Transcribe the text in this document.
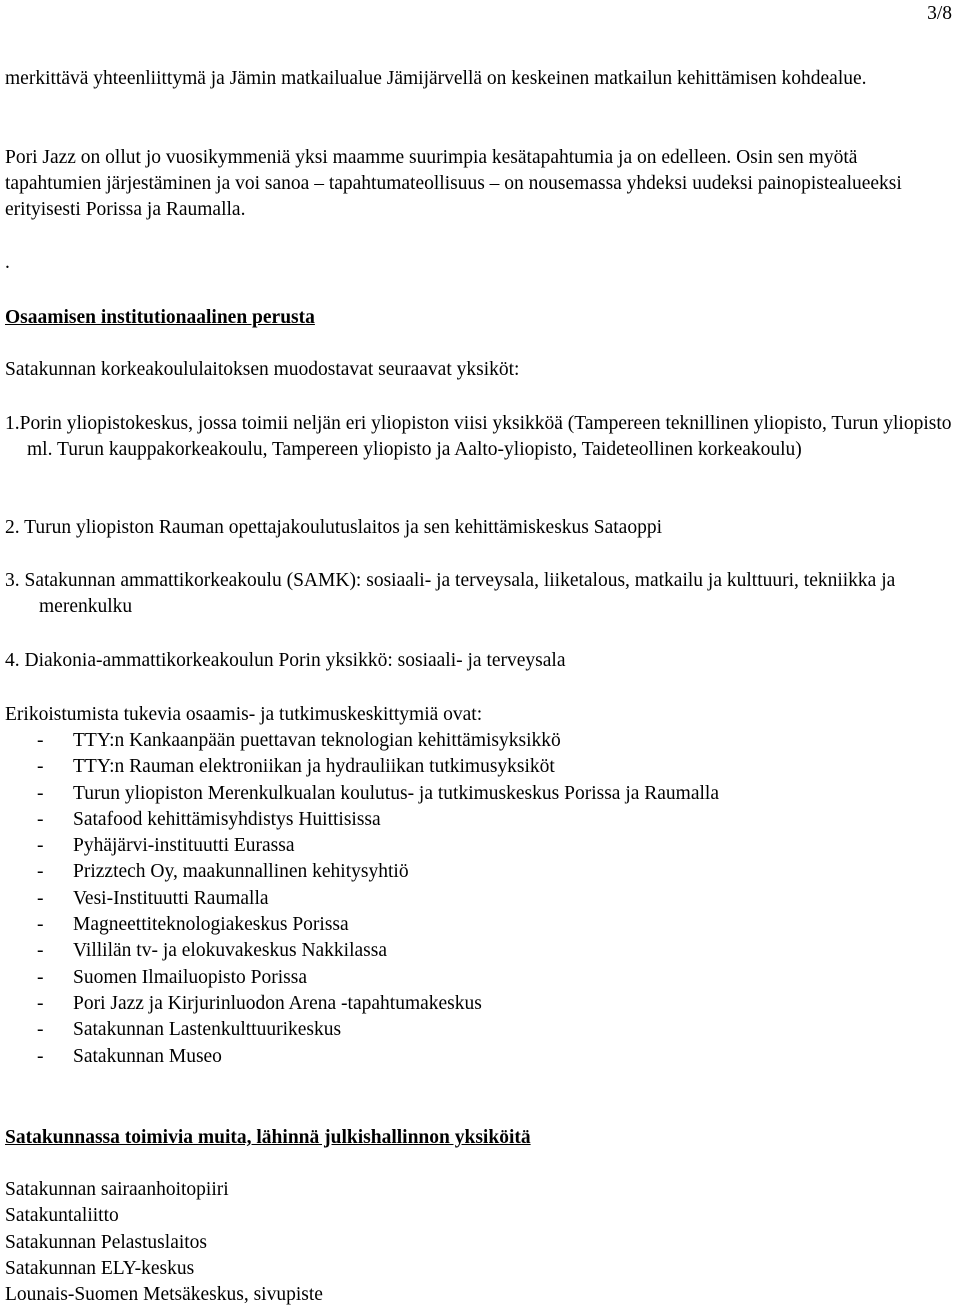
3/8

merkittävä yhteenliittymä ja Jämin matkailualue Jämijärvellä on keskeinen matkailun kehittämisen kohdealue.

Pori Jazz on ollut jo vuosikymmeniä yksi maamme suurimpia kesätapahtumia ja on edelleen. Osin sen myötä tapahtumien järjestäminen ja voi sanoa – tapahtumateollisuus – on nousemassa yhdeksi uudeksi painopistealueeksi erityisesti Porissa ja Raumalla.

.

Osaamisen institutionaalinen perusta

Satakunnan korkeakoululaitoksen muodostavat seuraavat yksiköt:

1.Porin yliopistokeskus, jossa toimii neljän eri yliopiston viisi yksikköä (Tampereen teknillinen yliopisto, Turun yliopisto ml. Turun kauppakorkeakoulu, Tampereen yliopisto ja Aalto-yliopisto, Taideteollinen korkeakoulu)

2. Turun yliopiston Rauman opettajakoulutuslaitos ja sen kehittämiskeskus Sataoppi

3. Satakunnan ammattikorkeakoulu (SAMK): sosiaali- ja terveysala, liiketalous, matkailu ja kulttuuri, tekniikka ja merenkulku

4. Diakonia-ammattikorkeakoulun Porin yksikkö: sosiaali- ja terveysala

Erikoistumista tukevia osaamis- ja tutkimuskeskittymiä ovat:

- TTY:n Kankaanpään puettavan teknologian kehittämisyksikkö
- TTY:n Rauman elektroniikan ja hydrauliikan tutkimusyksiköt
- Turun yliopiston Merenkulkualan koulutus- ja tutkimuskeskus Porissa ja Raumalla
- Satafood kehittämisyhdistys Huittisissa
- Pyhäjärvi-instituutti Eurassa
- Prizztech Oy, maakunnallinen kehitysyhtiö
- Vesi-Instituutti Raumalla
- Magneettiteknologiakeskus Porissa
- Villilän tv- ja elokuvakeskus Nakkilassa
- Suomen Ilmailuopisto Porissa
- Pori Jazz ja Kirjurinluodon Arena -tapahtumakeskus
- Satakunnan Lastenkulttuurikeskus
- Satakunnan Museo
Satakunnassa toimivia muita, lähinnä julkishallinnon yksiköitä
Satakunnan sairaanhoitopiiri
Satakuntaliitto
Satakunnan Pelastuslaitos
Satakunnan ELY-keskus
Lounais-Suomen Metsäkeskus, sivupiste
